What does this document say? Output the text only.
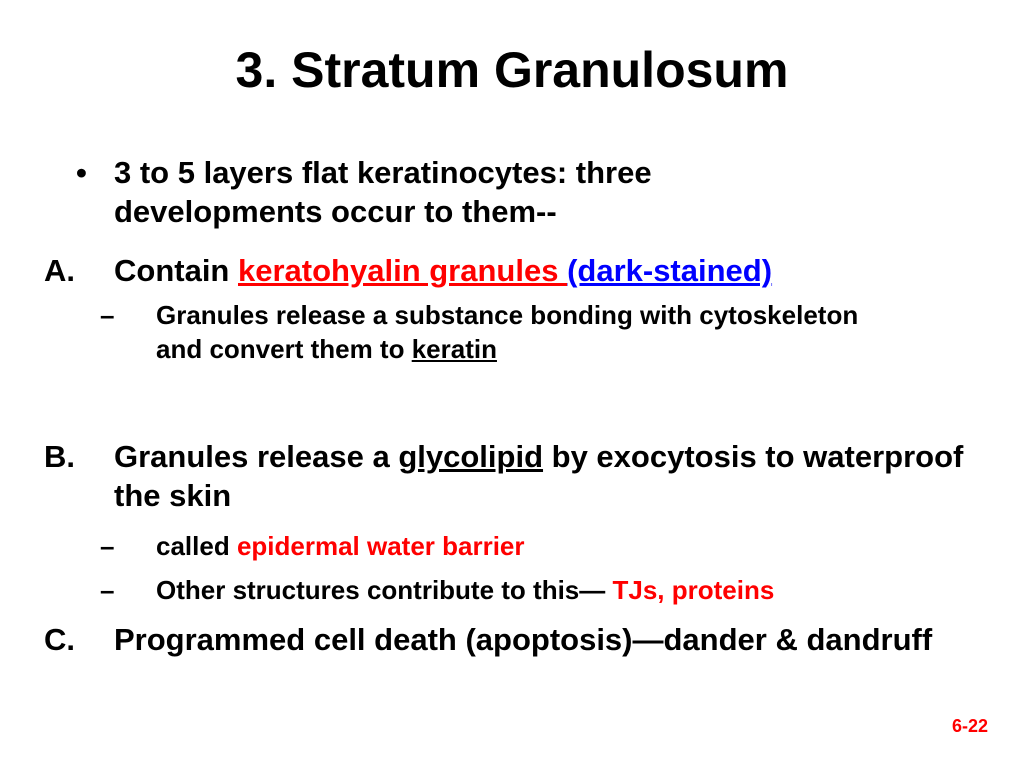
3. Stratum Granulosum
• 3 to 5 layers flat keratinocytes: three developments occur to them--
A. Contain keratohyalin granules (dark-stained)
– Granules release a substance bonding with cytoskeleton and convert them to keratin
B. Granules release a glycolipid by exocytosis to waterproof the skin
– called epidermal water barrier
– Other structures contribute to this— TJs, proteins
C. Programmed cell death (apoptosis)—dander & dandruff
6-22
